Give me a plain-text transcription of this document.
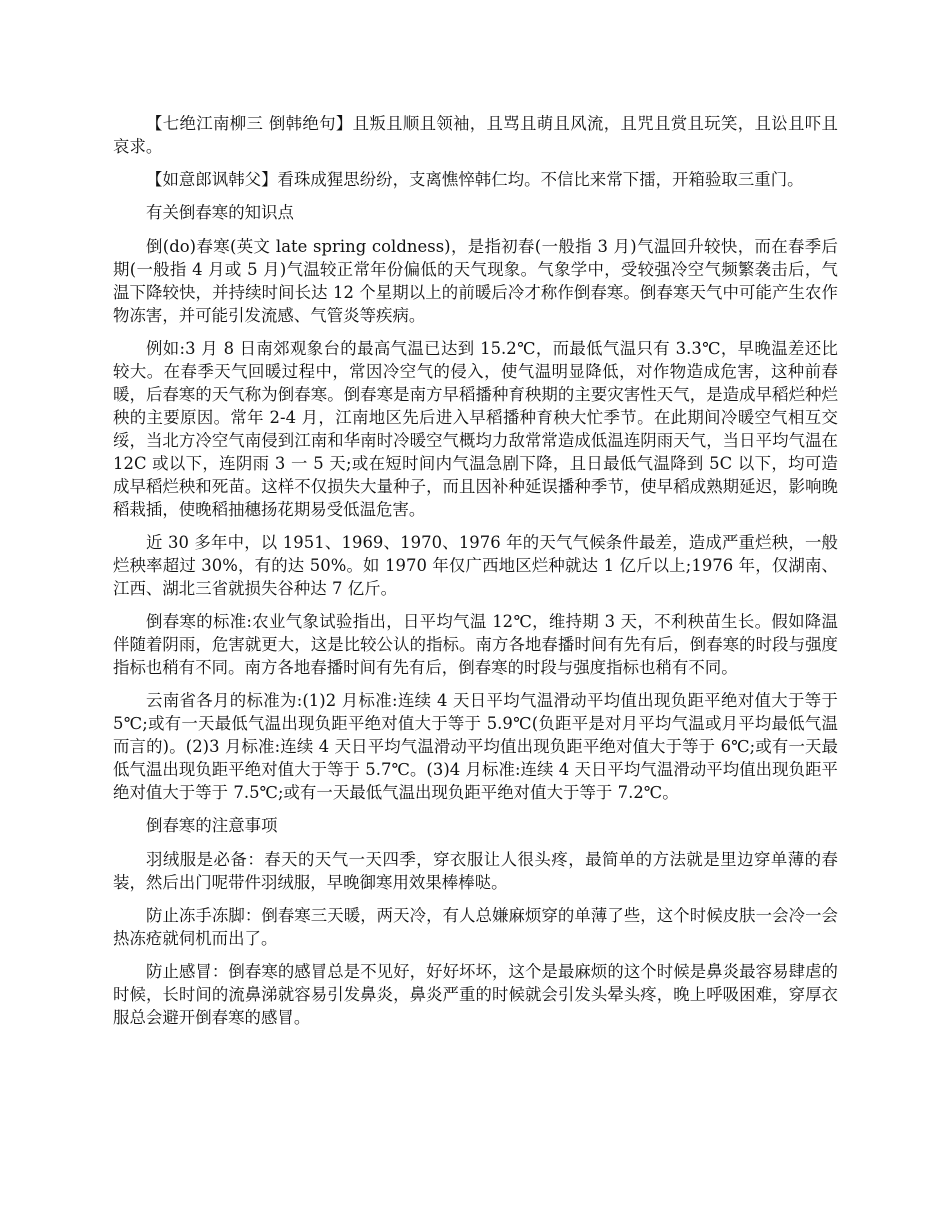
【七绝江南柳三 倒韩绝句】且叛且顺且领袖，且骂且萌且风流，且咒且赏且玩笑，且讼且吓且哀求。

【如意郎讽韩父】看珠成猩思纷纷，支离憔悴韩仁均。不信比来常下擂，开箱验取三重门。

有关倒春寒的知识点

倒(do)春寒(英文 late spring coldness)，是指初春(一般指 3 月)气温回升较快，而在春季后期(一般指 4 月或 5 月)气温较正常年份偏低的天气现象。气象学中，受较强冷空气频繁袭击后，气温下降较快，并持续时间长达 12 个星期以上的前暖后冷才称作倒春寒。倒春寒天气中可能产生农作物冻害，并可能引发流感、气管炎等疾病。

例如:3 月 8 日南郊观象台的最高气温已达到 15.2℃，而最低气温只有 3.3℃，早晚温差还比较大。在春季天气回暖过程中，常因冷空气的侵入，使气温明显降低，对作物造成危害，这种前春暖，后春寒的天气称为倒春寒。倒春寒是南方早稻播种育秧期的主要灾害性天气，是造成早稻烂种烂秧的主要原因。常年 2-4 月，江南地区先后进入早稻播种育秧大忙季节。在此期间冷暖空气相互交绥，当北方冷空气南侵到江南和华南时冷暖空气概均力敌常常造成低温连阴雨天气，当日平均气温在 12C 或以下，连阴雨 3 一 5 天;或在短时间内气温急剧下降，且日最低气温降到 5C 以下，均可造成早稻烂秧和死苗。这样不仅损失大量种子，而且因补种延误播种季节，使早稻成熟期延迟，影响晚稻栽插，使晚稻抽穗扬花期易受低温危害。

近 30 多年中，以 1951、1969、1970、1976 年的天气气候条件最差，造成严重烂秧，一般烂秧率超过 30%，有的达 50%。如 1970 年仅广西地区烂种就达 1 亿斤以上;1976 年，仅湖南、江西、湖北三省就损失谷种达 7 亿斤。

倒春寒的标准:农业气象试验指出，日平均气温 12℃，维持期 3 天，不利秧苗生长。假如降温伴随着阴雨，危害就更大，这是比较公认的指标。南方各地春播时间有先有后，倒春寒的时段与强度指标也稍有不同。南方各地春播时间有先有后，倒春寒的时段与强度指标也稍有不同。

云南省各月的标准为:(1)2 月标准:连续 4 天日平均气温滑动平均值出现负距平绝对值大于等于 5℃;或有一天最低气温出现负距平绝对值大于等于 5.9℃(负距平是对月平均气温或月平均最低气温而言的)。(2)3 月标准:连续 4 天日平均气温滑动平均值出现负距平绝对值大于等于 6℃;或有一天最低气温出现负距平绝对值大于等于 5.7℃。(3)4 月标准:连续 4 天日平均气温滑动平均值出现负距平绝对值大于等于 7.5℃;或有一天最低气温出现负距平绝对值大于等于 7.2℃。

倒春寒的注意事项

羽绒服是必备：春天的天气一天四季，穿衣服让人很头疼，最简单的方法就是里边穿单薄的春装，然后出门呢带件羽绒服，早晚御寒用效果棒棒哒。

防止冻手冻脚：倒春寒三天暖，两天冷，有人总嫌麻烦穿的单薄了些，这个时候皮肤一会冷一会热冻疮就伺机而出了。

防止感冒：倒春寒的感冒总是不见好，好好坏坏，这个是最麻烦的这个时候是鼻炎最容易肆虐的时候，长时间的流鼻涕就容易引发鼻炎，鼻炎严重的时候就会引发头晕头疼，晚上呼吸困难，穿厚衣服总会避开倒春寒的感冒。
